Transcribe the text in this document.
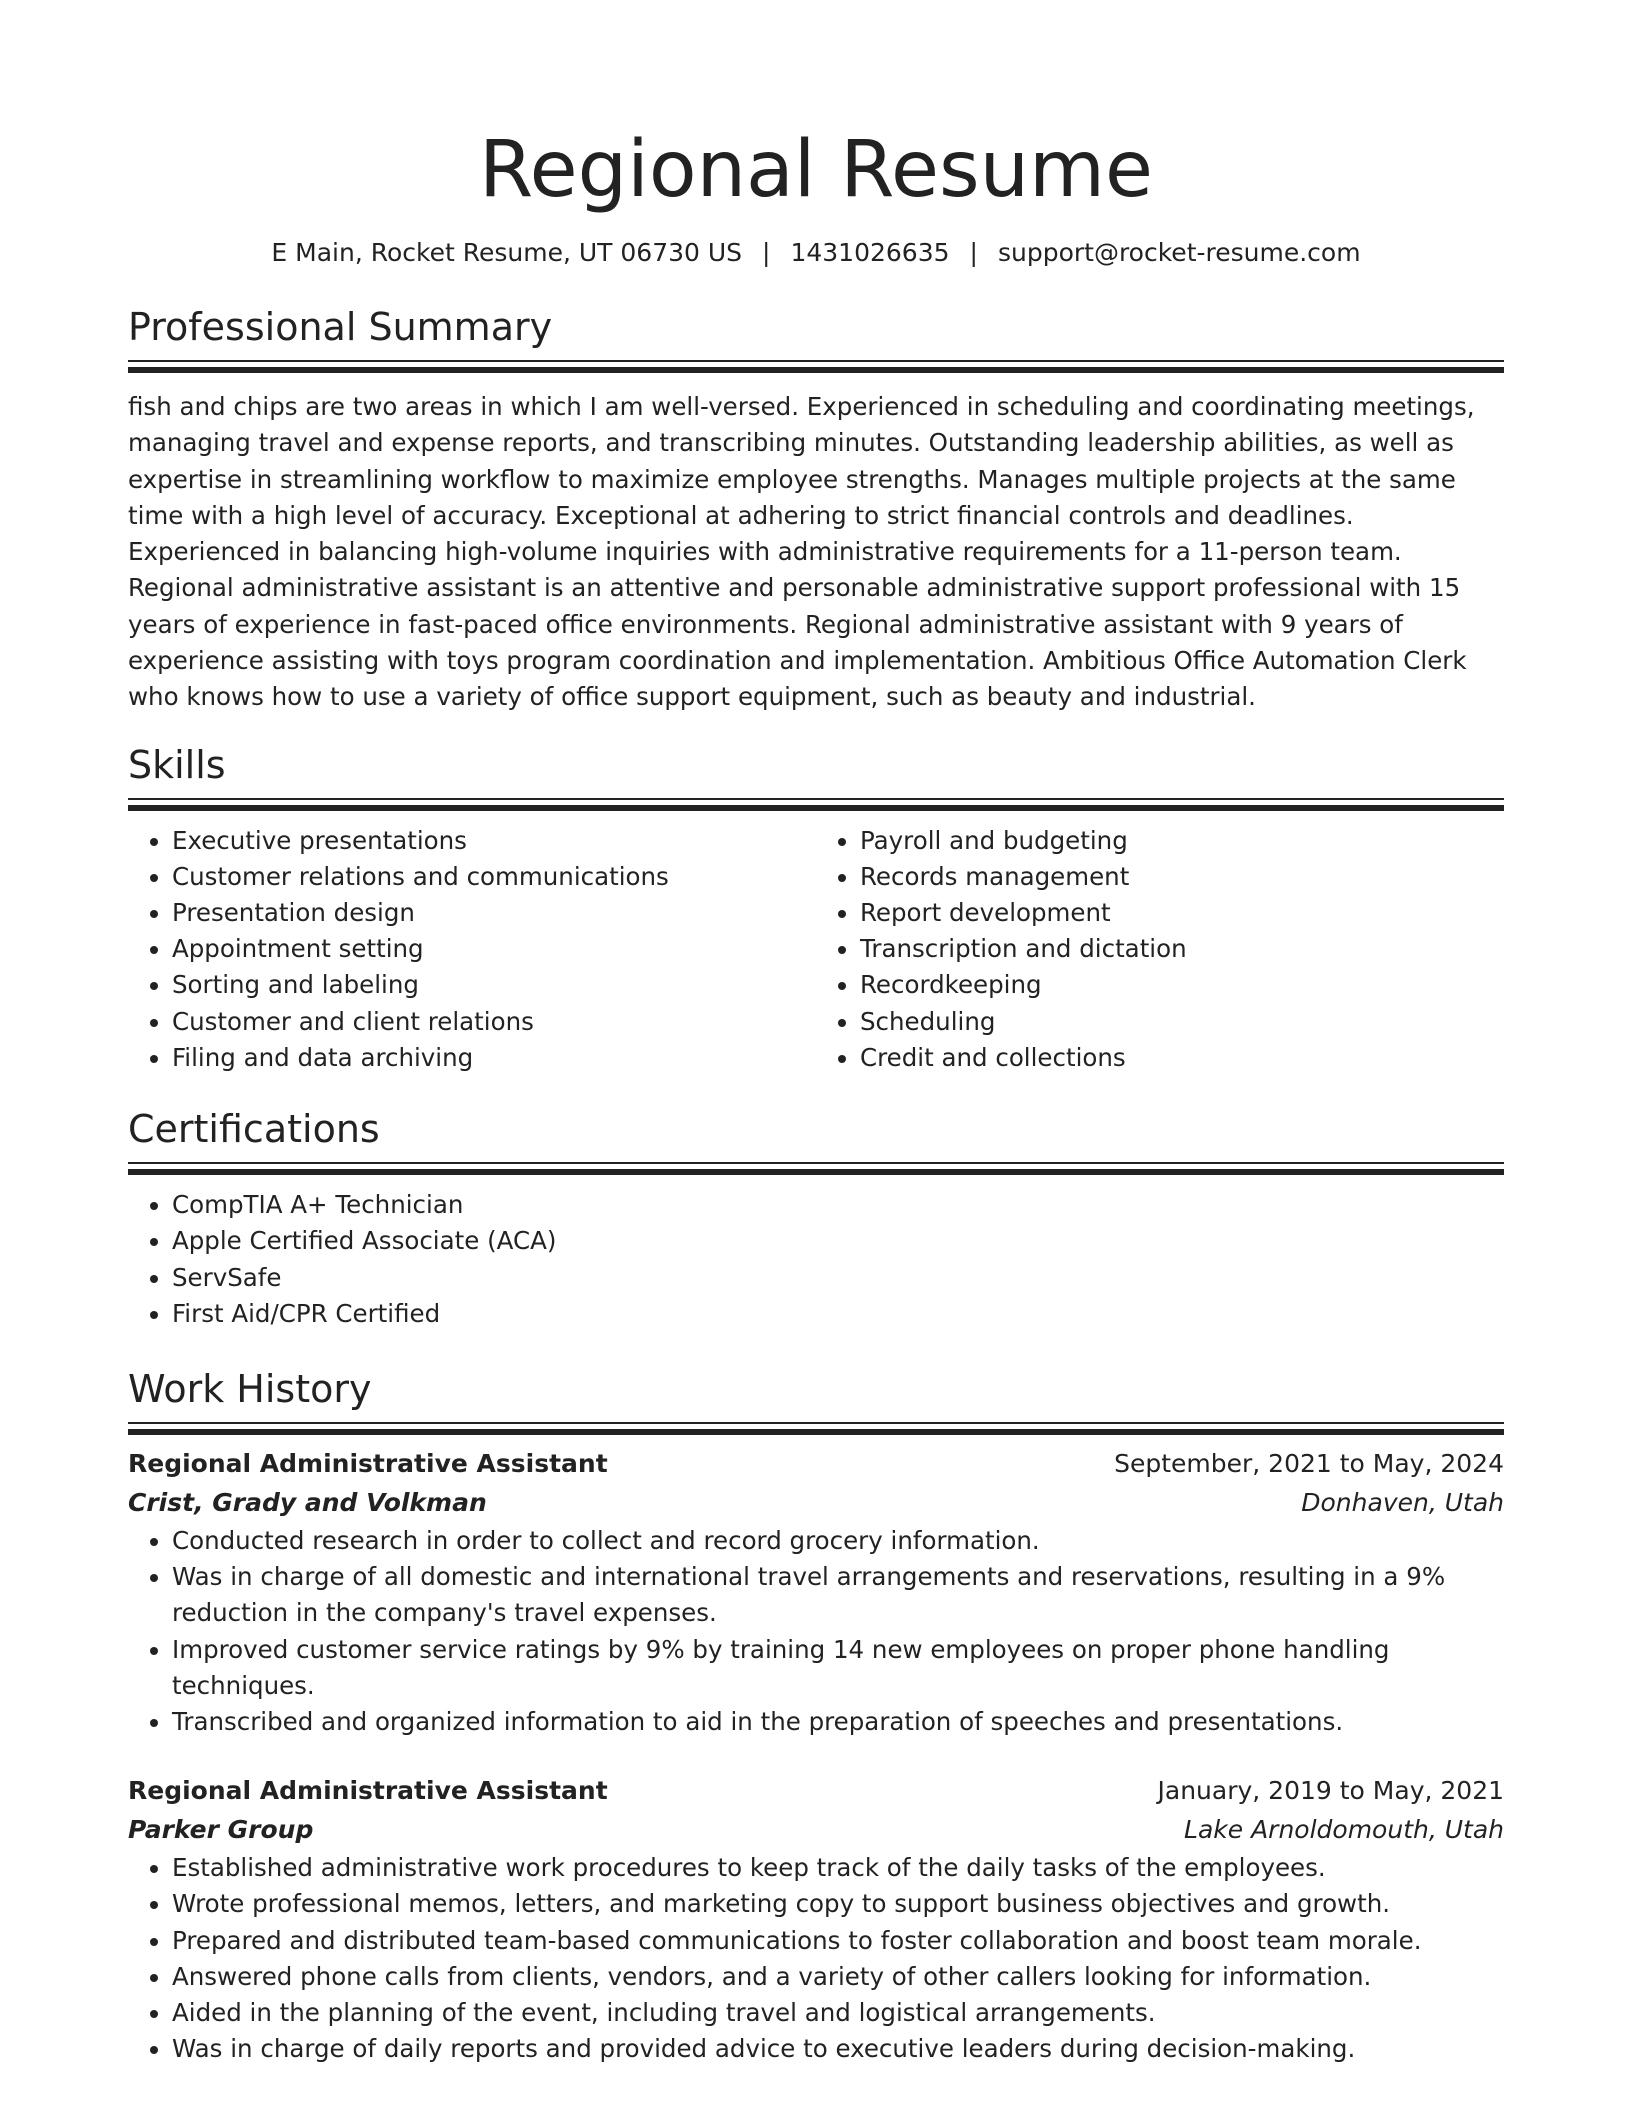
Regional Resume
E Main, Rocket Resume, UT 06730 US | 1431026635 | support@rocket-resume.com
Professional Summary
fish and chips are two areas in which I am well-versed. Experienced in scheduling and coordinating meetings, managing travel and expense reports, and transcribing minutes. Outstanding leadership abilities, as well as expertise in streamlining workflow to maximize employee strengths. Manages multiple projects at the same time with a high level of accuracy. Exceptional at adhering to strict financial controls and deadlines. Experienced in balancing high-volume inquiries with administrative requirements for a 11-person team. Regional administrative assistant is an attentive and personable administrative support professional with 15 years of experience in fast-paced office environments. Regional administrative assistant with 9 years of experience assisting with toys program coordination and implementation. Ambitious Office Automation Clerk who knows how to use a variety of office support equipment, such as beauty and industrial.
Skills
• Executive presentations
• Customer relations and communications
• Presentation design
• Appointment setting
• Sorting and labeling
• Customer and client relations
• Filing and data archiving
• Payroll and budgeting
• Records management
• Report development
• Transcription and dictation
• Recordkeeping
• Scheduling
• Credit and collections
Certifications
• CompTIA A+ Technician
• Apple Certified Associate (ACA)
• ServSafe
• First Aid/CPR Certified
Work History
Regional Administrative Assistant	September, 2021 to May, 2024
Crist, Grady and Volkman	Donhaven, Utah
• Conducted research in order to collect and record grocery information.
• Was in charge of all domestic and international travel arrangements and reservations, resulting in a 9% reduction in the company's travel expenses.
• Improved customer service ratings by 9% by training 14 new employees on proper phone handling techniques.
• Transcribed and organized information to aid in the preparation of speeches and presentations.
Regional Administrative Assistant	January, 2019 to May, 2021
Parker Group	Lake Arnoldomouth, Utah
• Established administrative work procedures to keep track of the daily tasks of the employees.
• Wrote professional memos, letters, and marketing copy to support business objectives and growth.
• Prepared and distributed team-based communications to foster collaboration and boost team morale.
• Answered phone calls from clients, vendors, and a variety of other callers looking for information.
• Aided in the planning of the event, including travel and logistical arrangements.
• Was in charge of daily reports and provided advice to executive leaders during decision-making.
